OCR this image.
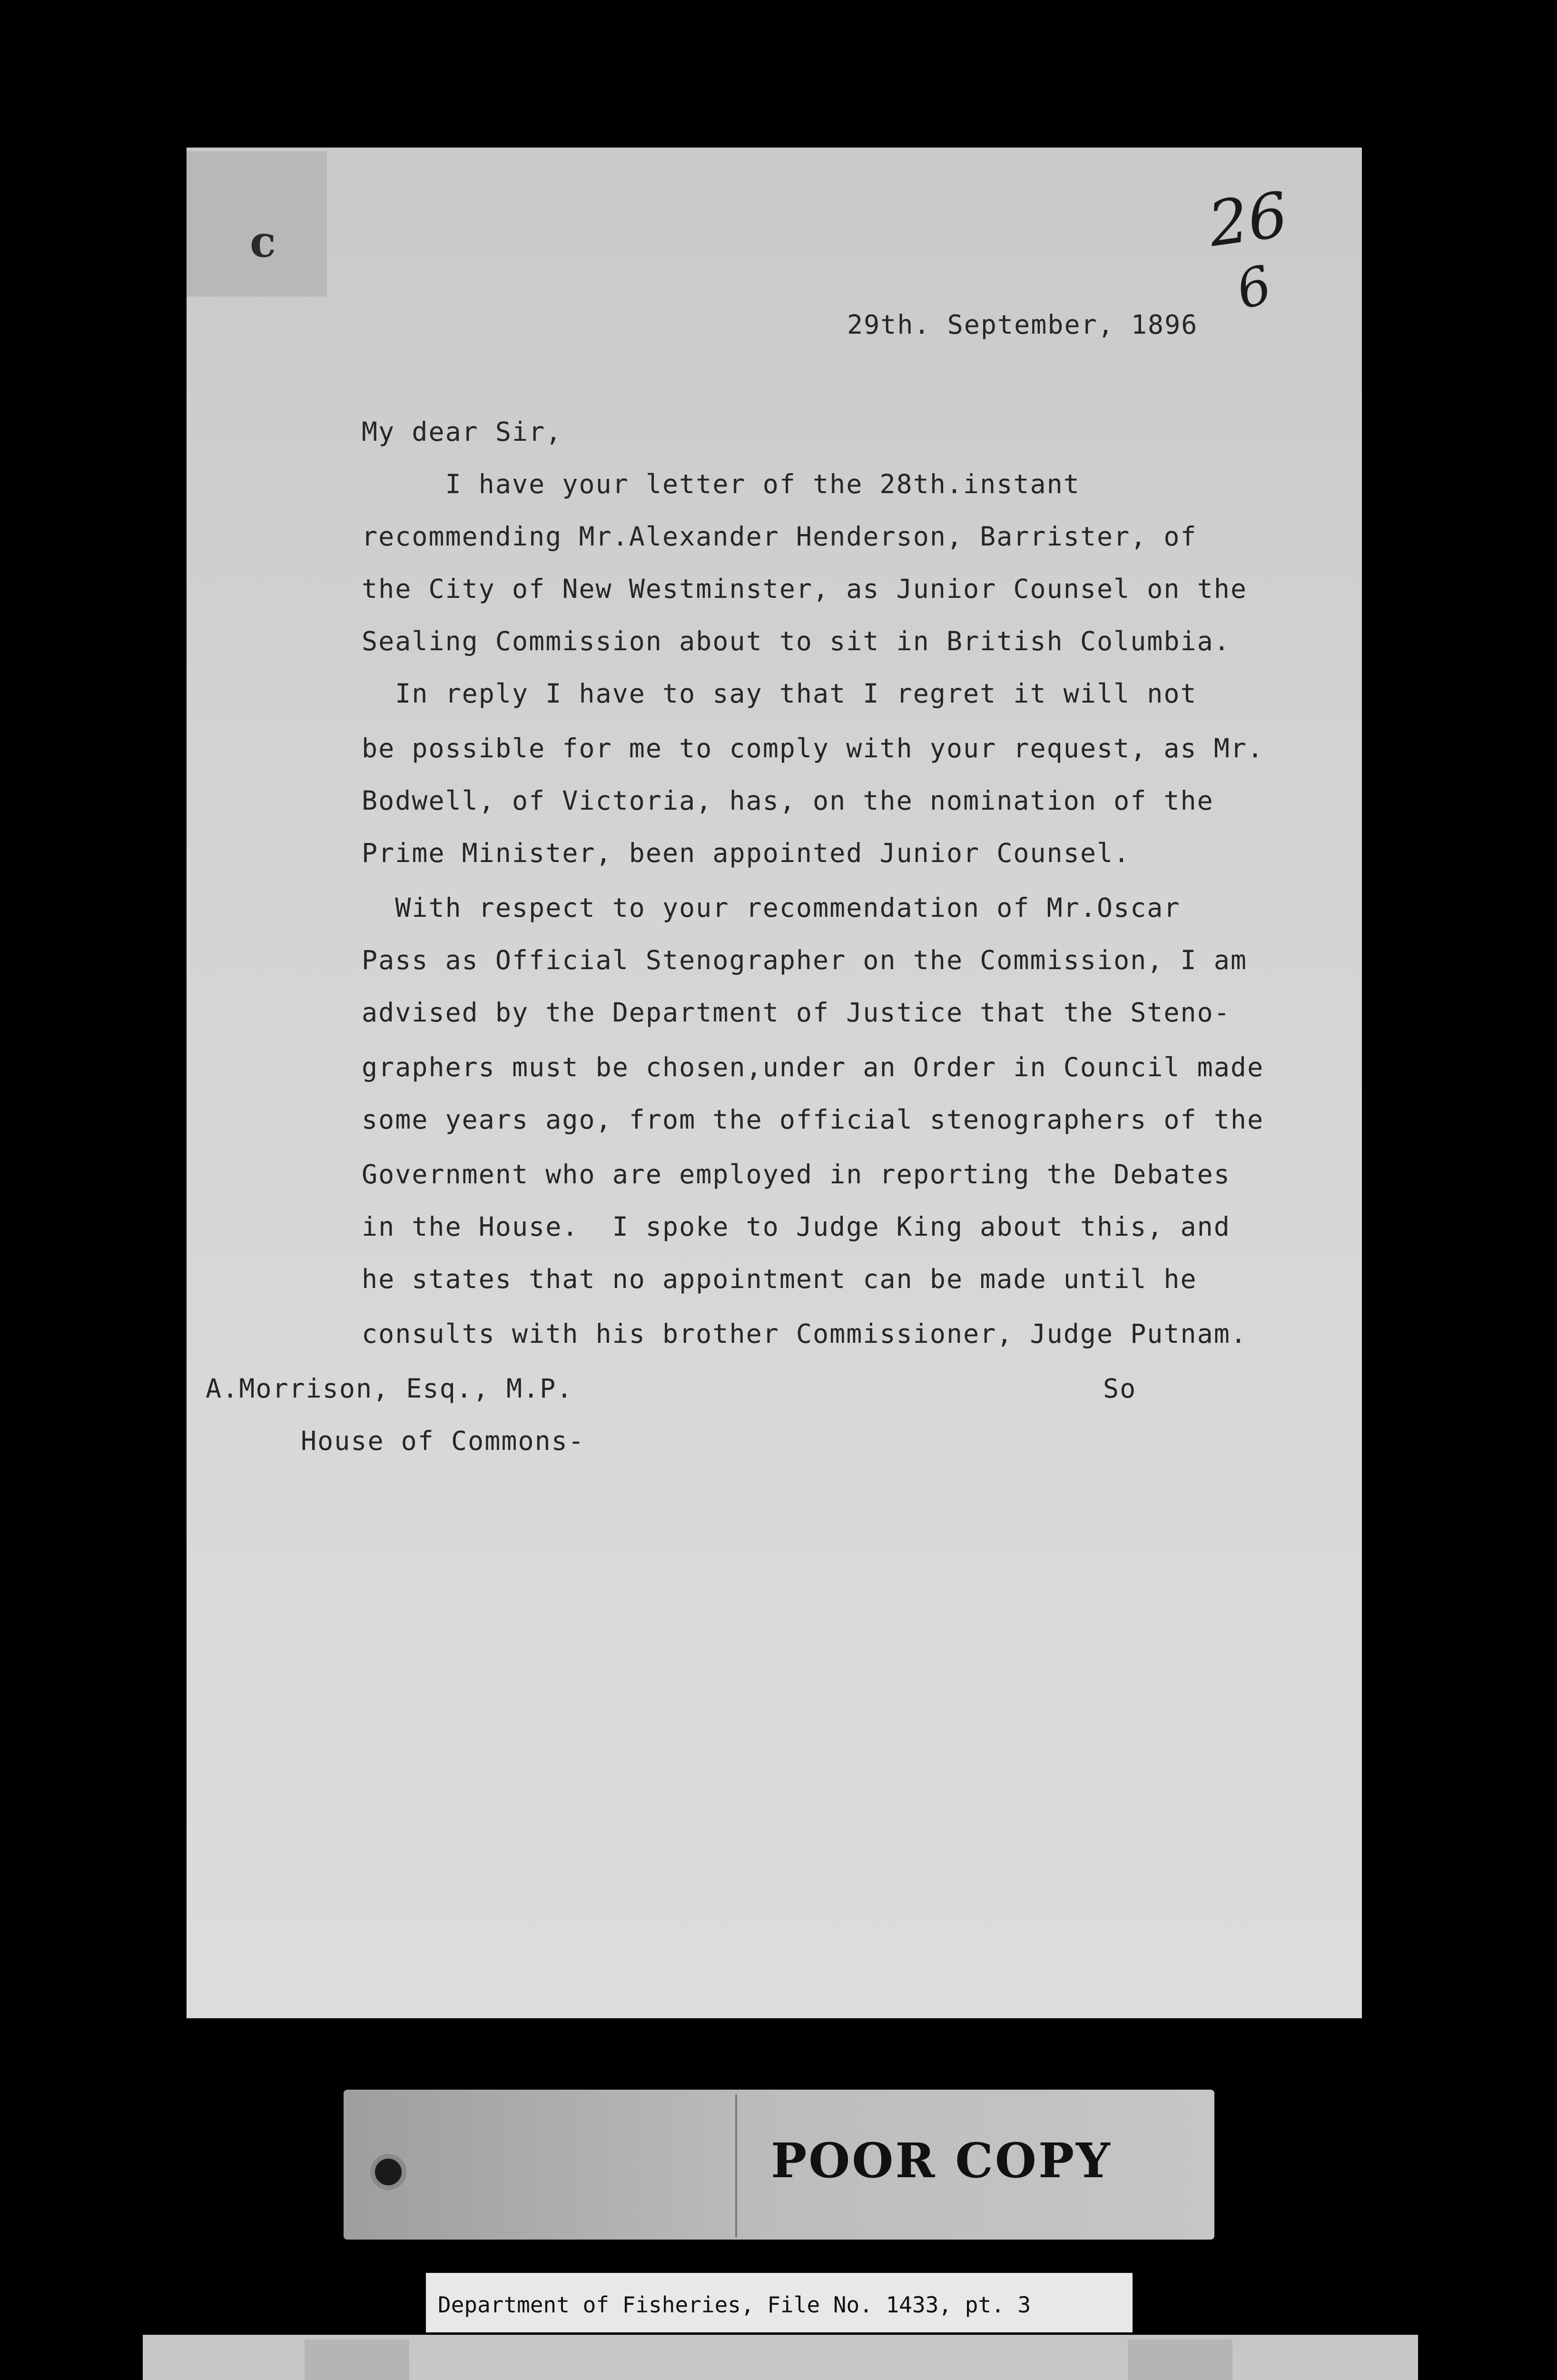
c	26
6
29th. September, 1896
My dear Sir,
I have your letter of the 28th.instant
recommending Mr.Alexander Henderson, Barrister, of
the City of New Westminster, as Junior Counsel on the
Sealing Commission about to sit in British Columbia.
In reply I have to say that I regret it will not
be possible for me to comply with your request, as Mr.
Bodwell, of Victoria, has, on the nomination of the
Prime Minister, been appointed Junior Counsel.
With respect to your recommendation of Mr.Oscar
Pass as Official Stenographer on the Commission, I am
advised by the Department of Justice that the Steno-
graphers must be chosen,under an Order in Council made
some years ago, from the official stenographers of the
Government who are employed in reporting the Debates
in the House.  I spoke to Judge King about this, and
he states that no appointment can be made until he
consults with his brother Commissioner, Judge Putnam.
A.Morrison, Esq., M.P.
House of Commons-
So
POOR COPY
Department of Fisheries, File No. 1433, pt. 3
